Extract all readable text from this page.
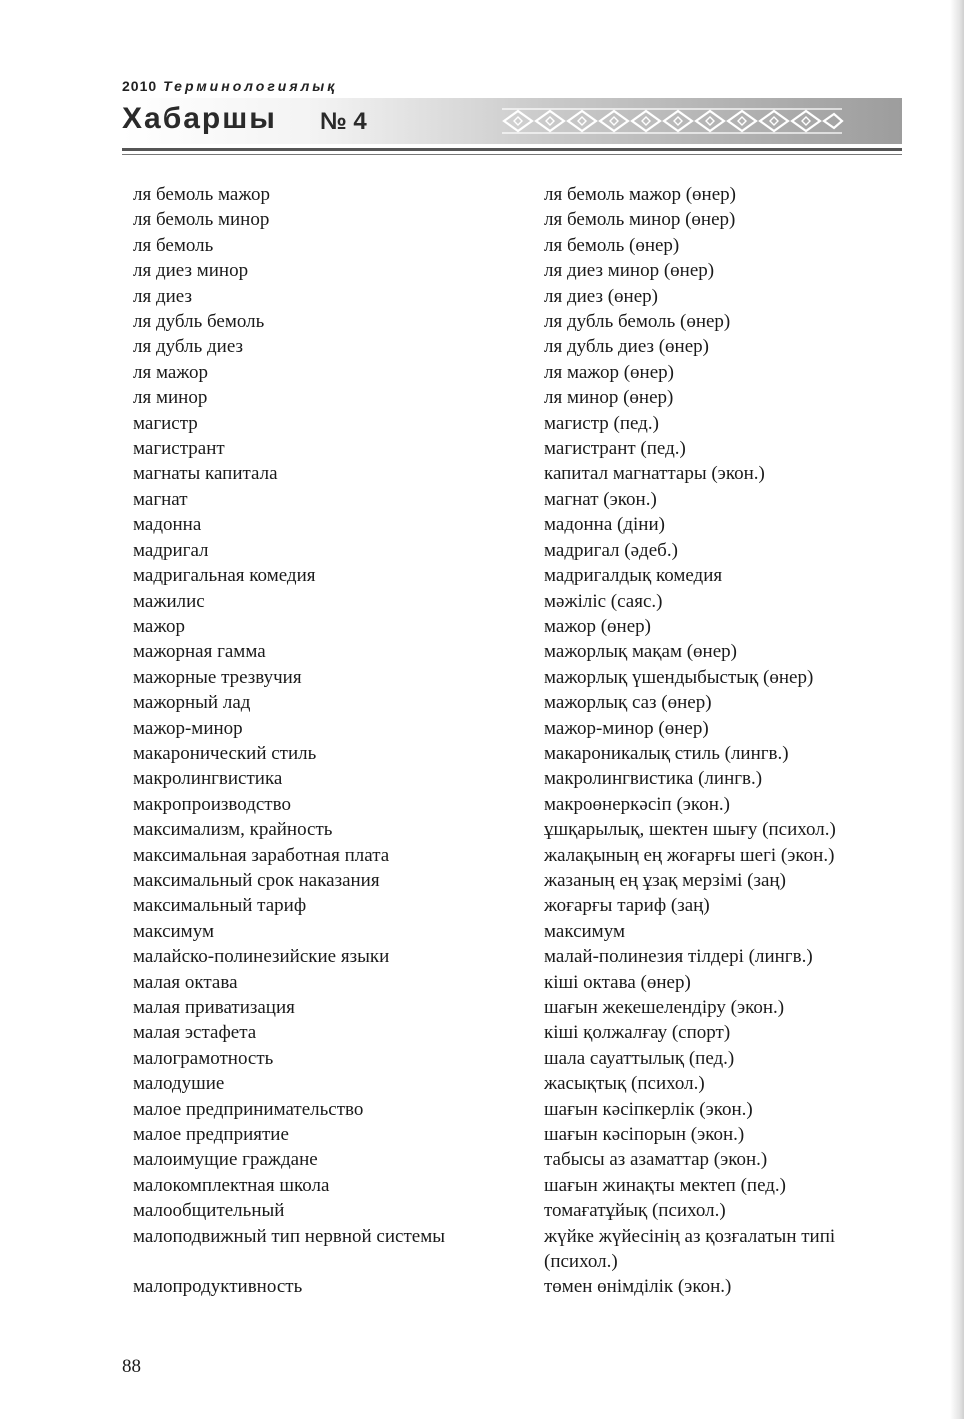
2010 Терминологиялық
Хабаршы № 4
ля бемоль мажор	ля бемоль мажор (өнер)
ля бемоль минор	ля бемоль минор (өнер)
ля бемоль	ля бемоль (өнер)
ля диез минор	ля диез минор (өнер)
ля диез	ля диез (өнер)
ля дубль бемоль	ля дубль бемоль (өнер)
ля дубль диез	ля дубль диез (өнер)
ля мажор	ля мажор (өнер)
ля минор	ля минор (өнер)
магистр	магистр (пед.)
магистрант	магистрант (пед.)
магнаты капитала	капитал магнаттары (экон.)
магнат	магнат (экон.)
мадонна	мадонна (діни)
мадригал	мадригал (әдеб.)
мадригальная комедия	мадригалдық комедия
мажилис	мәжіліс (саяс.)
мажор	мажор (өнер)
мажорная гамма	мажорлық мақам (өнер)
мажорные трезвучия	мажорлық үшендыбыстық (өнер)
мажорный лад	мажорлық саз (өнер)
мажор-минор	мажор-минор (өнер)
макаронический стиль	макароникалық стиль (лингв.)
макролингвистика	макролингвистика (лингв.)
макропроизводство	макроөнеркәсіп (экон.)
максимализм, крайность	ұшқарылық, шектен шығу (психол.)
максимальная заработная плата	жалақының ең жоғарғы шегі (экон.)
максимальный срок наказания	жазаның ең ұзақ мерзімі (заң)
максимальный тариф	жоғарғы тариф (заң)
максимум	максимум
малайско-полинезийские языки	малай-полинезия тілдері (лингв.)
малая октава	кіші октава (өнер)
малая приватизация	шағын жекешелендіру (экон.)
малая эстафета	кіші қолжалғау (спорт)
малограмотность	шала сауаттылық (пед.)
малодушие	жасықтық (психол.)
малое предпринимательство	шағын кәсіпкерлік (экон.)
малое предприятие	шағын кәсіпорын (экон.)
малоимущие граждане	табысы аз азаматтар (экон.)
малокомплектная школа	шағын жинақты мектеп (пед.)
малообщительный	томағатұйық (психол.)
малоподвижный тип нервной системы	жүйке жүйесінің аз қозғалатын типі (психол.)
малопродуктивность	төмен өнімділік (экон.)
88
